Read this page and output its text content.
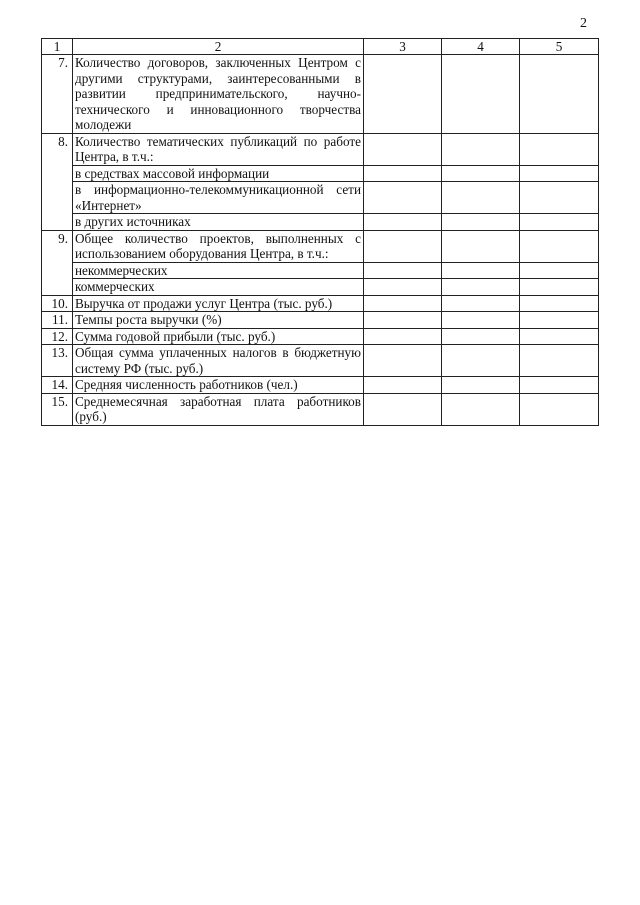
2
1	2	3	4	5
7.	Количество договоров, заключенных Центром с другими структурами, заинтересованными в развитии предпринимательского, научно-технического и инновационного творчества молодежи			
8.	Количество тематических публикаций по работе Центра, в т.ч.:			
	в средствах массовой информации			
	в информационно-телекоммуникационной сети «Интернет»			
	в других источниках			
9.	Общее количество проектов, выполненных с использованием оборудования Центра, в т.ч.:			
	некоммерческих			
	коммерческих			
10.	Выручка от продажи услуг Центра (тыс. руб.)			
11.	Темпы роста выручки (%)			
12.	Сумма годовой прибыли (тыс. руб.)			
13.	Общая сумма уплаченных налогов в бюджетную систему РФ (тыс. руб.)			
14.	Средняя численность работников (чел.)			
15.	Среднемесячная заработная плата работников (руб.)			
